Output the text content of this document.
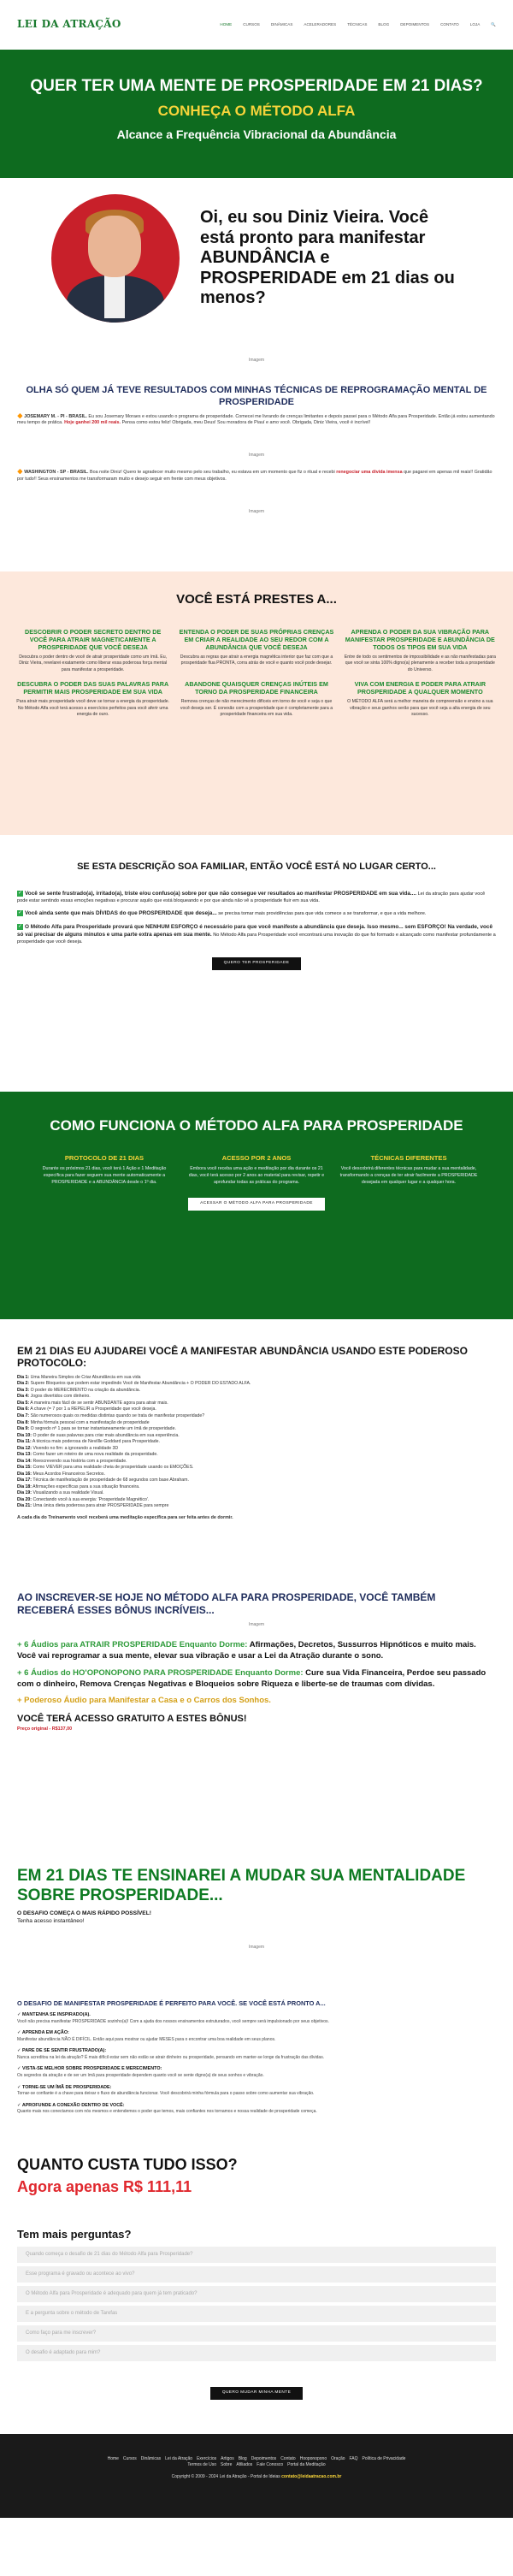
LEI DA ATRAÇÃO	HOME	CURSOS	DINÂMICAS	ACELERADORES	TÉCNICAS	BLOG	DEPOIMENTOS	CONTATO	LOJA	🔍
QUER TER UMA MENTE DE PROSPERIDADE EM 21 DIAS?
CONHEÇA O MÉTODO ALFA
Alcance a Frequência Vibracional da Abundância
Oi, eu sou Diniz Vieira. Você está pronto para manifestar ABUNDÂNCIA e PROSPERIDADE em 21 dias ou menos?
Imagem
OLHA SÓ QUEM JÁ TEVE RESULTADOS COM MINHAS TÉCNICAS DE REPROGRAMAÇÃO MENTAL DE PROSPERIDADE

🔶 JOSEMARY M. - PI - BRASIL. Eu sou Josemary Moraes e estou usando o programa de prosperidade. Comecei me livrando de crenças limitantes e depois passei para o Método Alfa para Prosperidade. Então já estou aumentando meu tempo de prática. Hoje ganhei 200 mil reais. Pensa como estou feliz! Obrigada, meu Deus! Sou moradora de Piauí e amo você. Obrigada, Diniz Vieira, você é incrível!

Imagem

🔶 WASHINGTON - SP - BRASIL. Boa noite Diniz! Quero te agradecer muito mesmo pelo seu trabalho, eu estava em um momento que fiz o ritual e recebi renegociar uma dívida imensa que pagarei em apenas mil reais!! Gratidão por tudo!! Seus ensinamentos me transformaram muito e desejo seguir em frente com meus objetivos.

Imagem
VOCÊ ESTÁ PRESTES A...
DESCOBRIR O PODER SECRETO DENTRO DE VOCÊ PARA ATRAIR MAGNETICAMENTE A PROSPERIDADE QUE VOCÊ DESEJA

Descubra o poder dentro de você de atrair prosperidade como um ímã. Eu, Diniz Vieira, revelarei exatamente como liberar essa poderosa força mental para manifestar a prosperidade.

ENTENDA O PODER DE SUAS PRÓPRIAS CRENÇAS EM CRIAR A REALIDADE AO SEU REDOR COM A ABUNDÂNCIA QUE VOCÊ DESEJA

Descubra as regras que atrair a energia magnética interior que faz com que a prosperidade flua PRONTA, corra atrás de você e quanto você pode desejar.

APRENDA O PODER DA SUA VIBRAÇÃO PARA MANIFESTAR PROSPERIDADE E ABUNDÂNCIA DE TODOS OS TIPOS EM SUA VIDA

Entre de todo os sentimentos de impossibilidade e as não manifestadas para que você se sinta 100% digno(a) plenamente a receber toda a prosperidade do Universo.

DESCUBRA O PODER DAS SUAS PALAVRAS PARA PERMITIR MAIS PROSPERIDADE EM SUA VIDA

Para atrair mais prosperidade você deve se tornar a energia da prosperidade. No Método Alfa você terá acesso a exercícios perfeitos para você aferir uma energia de ouro.

ABANDONE QUAISQUER CRENÇAS INÚTEIS EM TORNO DA PROSPERIDADE FINANCEIRA

Remova crenças de não merecimento difíceis em torno de você e seja o que você deseja ser. É conexão com a prosperidade que é completamente para a prosperidade financeira em sua vida.

VIVA COM ENERGIA E PODER PARA ATRAIR PROSPERIDADE A QUALQUER MOMENTO

O MÉTODO ALFA será a melhor maneira de compreensão e ensino a sua vibração e seus ganhos serão para que você seja a alta energia de seu sucesso.

SE ESTA DESCRIÇÃO SOA FAMILIAR, ENTÃO VOCÊ ESTÁ NO LUGAR CERTO...
✓ Você se sente frustrado(a), irritado(a), triste e/ou confuso(a) sobre por que não consegue ver resultados ao manifestar PROSPERIDADE em sua vida.... Lei da atração para ajudar você pode estar sentindo essas emoções negativas e procurar aquilo que está bloqueando e por que ainda não vê a prosperidade fluir em sua vida.
✓ Você ainda sente que mais DÍVIDAS do que PROSPERIDADE que deseja... se precisa tomar mais providências para que vida comece a se transformar, e que a vida melhore.
✓ O Método Alfa para Prosperidade provará que NENHUM ESFORÇO é necessário para que você manifeste a abundância que deseja. Isso mesmo... sem ESFORÇO! Na verdade, você só vai precisar de alguns minutos e uma parte extra apenas em sua mente. No Método Alfa para Prosperidade você encontrará uma inovação do que foi formado e alcançado como manifestar profundamente a prosperidade que você deseja.
QUERO TER PROSPERIDADE
COMO FUNCIONA O MÉTODO ALFA PARA PROSPERIDADE
PROTOCOLO DE 21 DIAS

Durante os próximos 21 dias, você terá 1 Ação e 1 Meditação específica para fazer seguem sua mente automaticamente a PROSPERIDADE e a ABUNDÂNCIA desde o 1º dia.

ACESSO POR 2 ANOS

Embora você receba uma ação e meditação por dia durante os 21 dias, você terá acesso por 2 anos ao material para revisar, repetir e aprofundar todas as práticas do programa.

TÉCNICAS DIFERENTES

Você descobrirá diferentes técnicas para mudar a sua mentalidade, transformando a crenças de ter atrair facilmente a PROSPERIDADE desejada em qualquer lugar e a qualquer hora.

ACESSAR O MÉTODO ALFA PARA PROSPERIDADE
EM 21 DIAS EU AJUDAREI VOCÊ A MANIFESTAR ABUNDÂNCIA USANDO ESTE PODEROSO PROTOCOLO:
Dia 1: Uma Maneira Simples de Criar Abundância em sua vida
Dia 2: Supere Bloqueios que podem estar impedindo Você de Manifestar Abundância + O PODER DO ESTADO ALFA.
Dia 3: O poder do MERECIMENTO na criação da abundância.
Dia 4: Jogos divertidos com dinheiro.
Dia 5: A maneira mais fácil de se sentir ABUNDANTE agora para atrair mais.
Dia 6: A chave (= 7 por 1 a REPELIR a Prosperidade que você deseja.
Dia 7: São numerosos quais os medidas distintas quando se trata de manifestar prosperidade?
Dia 8: Minha fórmula pessoal com a manifestação de prosperidade
Dia 9: O segredo nº 1 para se tornar instantaneamente um ímã de prosperidade.
Dia 10: O poder de suas palavras para criar mais abundância em sua experiência.
Dia 11: A técnica mais poderosa de Nevillle Goddard para Prosperidade.
Dia 12: Vivendo no fim: a ignorando a realidade 3D
Dia 13: Como fazer um roteiro de uma nova realidade da prosperidade.
Dia 14: Reescrevendo sua história com a prosperidade.
Dia 15: Como VIEVER para uma realidade cheia de prosperidade usando os EMOÇÕES.
Dia 16: Meus Acordos Financeiros Secretos.
Dia 17: Técnica de manifestação de prosperidade de 68 segundos com base Abraham.
Dia 18: Afirmações específicas para a sua situação financeira.
Dia 19: Visualizando a sua realidade Visual.
Dia 20: Conectando você à sua energia: 'Prosperidade Magnético'.
Dia 21: Uma única dieta poderosa para atrair PROSPERIDADE para sempre
A cada dia do Treinamento você receberá uma meditação específica para ser feita antes de dormir.
AO INSCREVER-SE HOJE NO MÉTODO ALFA PARA PROSPERIDADE, VOCÊ TAMBÉM RECEBERÁ ESSES BÔNUS INCRÍVEIS...
Imagem
+ 6 Áudios para ATRAIR PROSPERIDADE Enquanto Dorme: Afirmações, Decretos, Sussurros Hipnóticos e muito mais. Você vai reprogramar a sua mente, elevar sua vibração e usar a Lei da Atração durante o sono.
+ 6 Áudios do HO'OPONOPONO PARA PROSPERIDADE Enquanto Dorme: Cure sua Vida Financeira, Perdoe seu passado com o dinheiro, Remova Crenças Negativas e Bloqueios sobre Riqueza e liberte-se de traumas com dívidas.
+ Poderoso Áudio para Manifestar a Casa e o Carros dos Sonhos.
VOCÊ TERÁ ACESSO GRATUITO A ESTES BÔNUS!
Preço original - R$137,00
EM 21 DIAS TE ENSINAREI A MUDAR SUA MENTALIDADE SOBRE PROSPERIDADE...
O DESAFIO COMEÇA O MAIS RÁPIDO POSSÍVEL!
Tenha acesso instantâneo!
Imagem
O DESAFIO DE MANIFESTAR PROSPERIDADE É PERFEITO PARA VOCÊ. SE VOCÊ ESTÁ PRONTO A...
✓ MANTENHA SE INSPIRADO(A).
Você não precisa manifestar PROSPERIDADE sozinho(a)! Com a ajuda dos nossos ensinamentos estruturados, você sempre será impulsionado por seus objetivos.
✓ APRENDA EM AÇÃO:
Manifestar abundância NÃO É DIFÍCIL. Então aqui para mostrar ou ajudar MESES para o encontrar uma boa realidade em seus planos.
✓ PARE DE SE SENTIR FRUSTRADO(A):
Nunca acreditou na lei da atração? É mais difícil estar sem não estão se atrair dinheiro ou prosperidade, pensando em manter-se longe da frustração das dívidas.
✓ VISTA-SE MELHOR SOBRE PROSPERIDADE E MERECIMENTO:
Os segredos da atração e de ser um ímã para prosperidade dependem quanto você se sente digno(a) de seus sonhos e vibração.
✓ TORNE-SE UM ÍMÃ DE PROSPERIDADE:
Tornar-se confiante é a chave para deixar o fluxo de abundância funcionar. Você descobrirá minha fórmula para o passo sobre como aumentar sua vibração.
✓ APROFUNDE A CONEXÃO DENTRO DE VOCÊ:
Quanto mais nos conectamos com nós mesmos e entendemos o poder que temos, mais confiantes nos tornamos e nossa realidade de prosperidade começa.
QUANTO CUSTA TUDO ISSO?
Agora apenas R$ 111,11
Tem mais perguntas?
Quando começa o desafio de 21 dias do Método Alfa para Prosperidade?
Esse programa é gravado ou acontece ao vivo?
O Método Alfa para Prosperidade é adequado para quem já tem praticado?
E a pergunta sobre o método de Tarefas
Como faço para me inscrever?
O desafio é adaptado para mim?
QUERO MUDAR MINHA MENTE
Home Cursos Dinâmicas Lei da Atração Exercícios Artigos Blog Depoimentos Contato Hooponopono Oração FAQ Política de Privacidade
Termos de Uso Sobre Afiliados Fale Conosco Portal da Meditação
Copyright © 2009 - 2024 Lei da Atração - Portal de Ideias contato@leidaatracao.com.br
